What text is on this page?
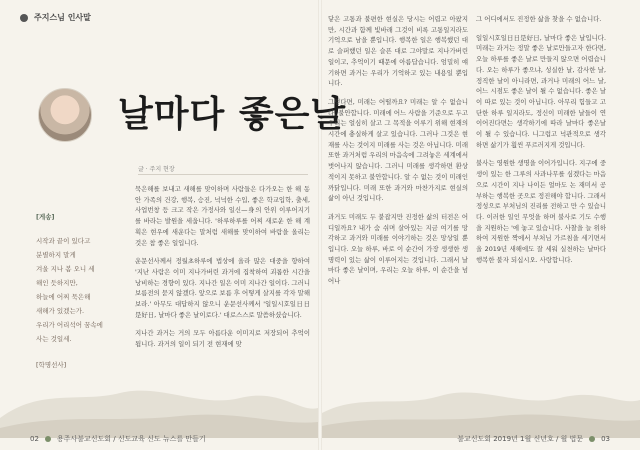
주지스님 인사말
날마다 좋은날
글 · 주지 현장
[게송]
시작과 끝이 있다고
분별하지 말게
겨울 지나 봄 오니 세
해인 듯하지만,
하늘에 어찌 묵은해
새해가 있겠는가.
우리가 어리석어 꿈속에
사는 것일세.
[학명선사]

묵은해를 보내고 새해를 맞이하며 사람들은 다가오는 한 해 동안 가족의 건강, 행복, 승진, 넉넉한 수입, 좋은 학교입학, 출세, 사업번창 등 크고 작은 가정사와 일신—身의 안위 이루어지기를 바라는 발원을 세웁니다. '하루하루를 어찌 새로운 한 해 계획은 현우에 새운다는 말처럼 새해를 맞이하여 바람을 올리는 것은 참 좋은 일입니다.

운문선사께서 정월초하루에 법상에 올라 많은 대중을 향하여 '지난 사람은 이미 지나가버린 과거에 집착하여 괴롭한 시간을 낭비하는 경향이 있다. 지나간 일은 이미 지나간 일이다. 그러니 보름전의 묻지 않겠다. 앞으로 보름 후 어떻게 살지를 각자 말해보라.' 아무도 대답하지 않으니 운문선사께서 '일일시호일日日是好日, 날마다 좋은 날이로다.' 대로스스로 말씀하셨습니다.

지나간 과거는 거의 모두 아름다운 이미지로 저장되어 추억이 됩니다. 과거의 일이 되기 전 현재에 맞

닿은 고통과 불편한 현실은 당시는 어렵고 아팠지만, 시간과 함께 빛바래 그것이 비록 고통일지라도 기억으로 남을 뿐입니다. 행복한 일은 행복했던 대로 슬퍼했던 일은 슬픈 대로 그야말로 지나가버린 일이고, 추억이기 때문에 아름답습니다. 엄밀히 얘기하면 과거는 우리가 기억하고 있는 내용일 뿐입니다.

그렇다면, 미래는 어떨까요? 미래는 알 수 없습니다. 불안합니다. 미래에 어느 사람을 기준으로 두고 우리는 얼심히 살고 그 목적을 이루기 위해 현재의 시간에 충실하게 살고 있습니다. 그러나 그것은 현재를 사는 것이지 미래를 사는 것은 아닙니다. 미래 또한 과거처럼 우리의 마음속에 그려놓은 세계에서 벗어나지 않습니다. 그러니 미래를 생각하면 환상적이지 못하고 불안합니다. 알 수 없는 것이 미래인 까닭입니다. 미래 또한 과거와 마찬가지로 현실의 삶이 아닌 것입니다.

과거도 미래도 두 붙잡지만 진정한 삶의 터전은 어디일까요? 내가 숨 쉬며 살아있는 지금 여기를 망각하고 과거와 미래를 이야기하는 것은 망상일 뿐입니다. 오늘 하루, 바로 이 순간이 가장 생생한 생명력이 있는 삶이 이루어지는 것입니다. 그래서 날마다 좋은 날이며, 우리는 오늘 하루, 이 순간을 넘어나

그 어디에서도 진정한 삶을 찾을 수 없습니다.

일일시호일日日是好日, 날마다 좋은 날입니다. 미래는 과거는 정말 좋은 날로만들고자 한다면, 오늘 하루를 좋은 날로 만들지 않으면 어렵습니다. 오는 하루가 좋으냐, 성실한 날, 감사한 날, 정직한 날이 아니라면, 과거나 미래의 어느 날, 어느 시점도 좋은 날이 될 수 없습니다. 좋은 날이 따로 있는 것이 아닙니다. 아무리 힘들고 고단한 하루 일지라도, 정신이 미래한 날들이 연이어진다면는 생각하기에 따라 날마다 좋은날이 될 수 있습니다. 니그럽고 넉관적으로 생각하면 삶기가 훨씬 푸르러지게 것입니다.

불사는 영원한 생명을 이어가입니다. 지구에 중생이 있는 한 그루의 사과나무를 심겠다는 마음으로 시간이 지나 나이든 얼마도 논 재미서 공부하는 행복한 곳으로 정진해야 합니다. 그래서 정성으로 부처님의 진리를 전하고 만 수 있습니다. 이러한 일인 무엇을 하며 불사로 기도 수행을 지원하는 '에 놓고 있습니다. 사찰을 늘 위하하여 지원한 짝에서 부처님 가르침을 세기면서 올 2019년 새해에도 잘 세워 실천하는 날마다 행복한 불자 되십시오. 사랑합니다.

02	용주사불교신도회 / 신도교육 신도 뉴스를 만들기	불교신도회 2019년 1월 신년호 / 월 법문	03
